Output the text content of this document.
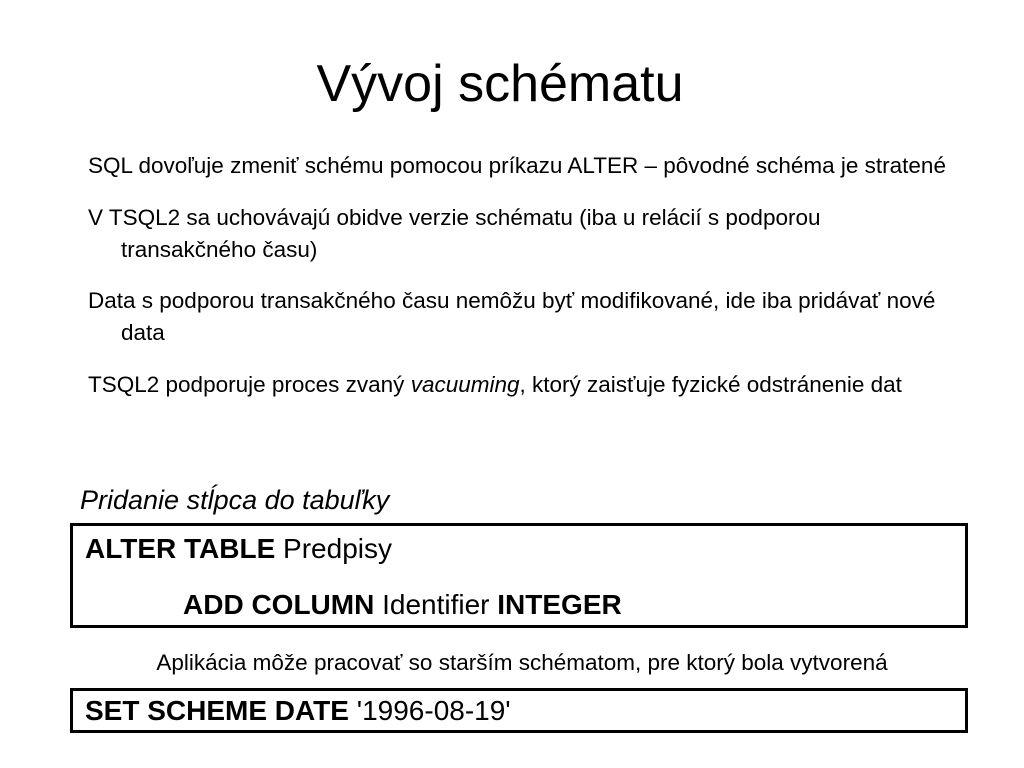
Vývoj schématu
SQL dovoľuje zmeniť schému pomocou príkazu ALTER – pôvodné schéma je stratené
V TSQL2 sa uchovávajú obidve verzie schématu (iba u relácií s podporou transakčného času)
Data s podporou transakčného času nemôžu byť modifikované, ide iba pridávať nové data
TSQL2 podporuje proces zvaný vacuuming, ktorý zaisťuje fyzické odstránenie dat
Pridanie stĺpca do tabuľky
ALTER TABLE Predpisy
ADD COLUMN Identifier INTEGER
Aplikácia môže pracovať so starším schématom, pre ktorý bola vytvorená
SET SCHEME DATE '1996-08-19'
